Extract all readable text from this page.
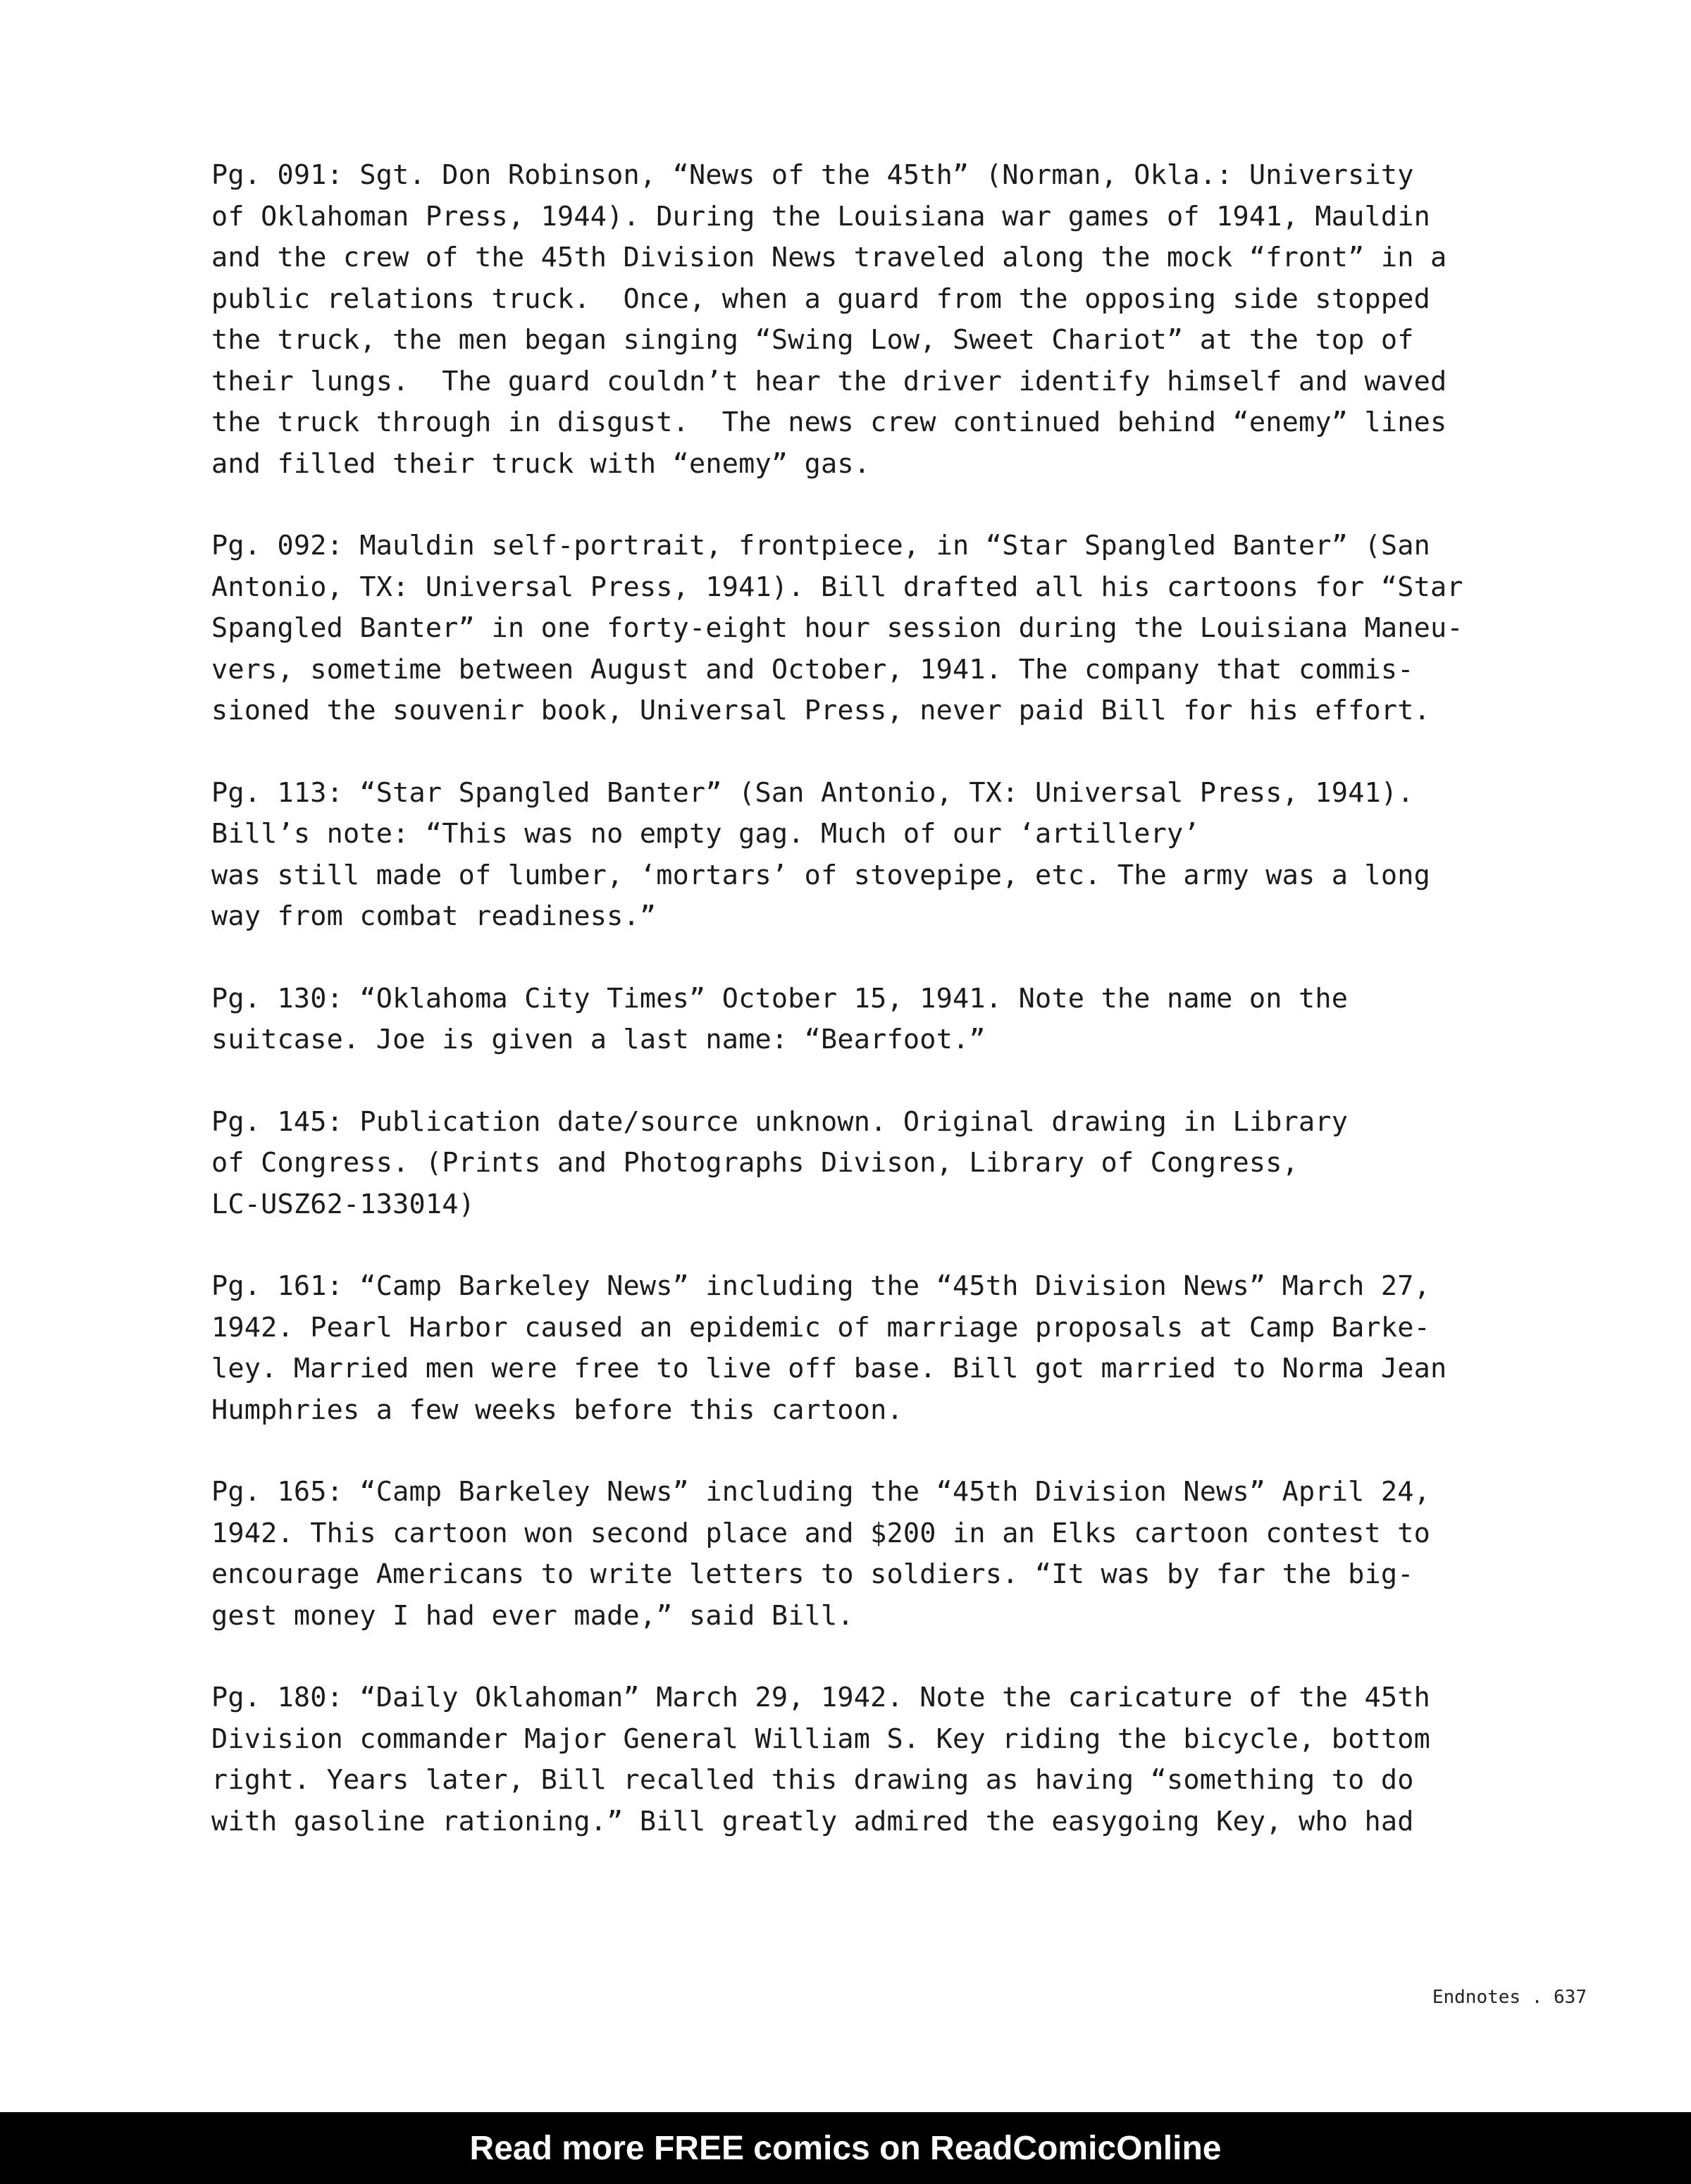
Pg. 091: Sgt. Don Robinson, “News of the 45th” (Norman, Okla.: University
of Oklahoman Press, 1944). During the Louisiana war games of 1941, Mauldin
and the crew of the 45th Division News traveled along the mock “front” in a
public relations truck.  Once, when a guard from the opposing side stopped
the truck, the men began singing “Swing Low, Sweet Chariot” at the top of
their lungs.  The guard couldn’t hear the driver identify himself and waved
the truck through in disgust.  The news crew continued behind “enemy” lines
and filled their truck with “enemy” gas.
Pg. 092: Mauldin self-portrait, frontpiece, in “Star Spangled Banter” (San
Antonio, TX: Universal Press, 1941). Bill drafted all his cartoons for “Star
Spangled Banter” in one forty-eight hour session during the Louisiana Maneu-
vers, sometime between August and October, 1941. The company that commis-
sioned the souvenir book, Universal Press, never paid Bill for his effort.
Pg. 113: “Star Spangled Banter” (San Antonio, TX: Universal Press, 1941).
Bill’s note: “This was no empty gag. Much of our ‘artillery’
was still made of lumber, ‘mortars’ of stovepipe, etc. The army was a long
way from combat readiness.”
Pg. 130: “Oklahoma City Times” October 15, 1941. Note the name on the
suitcase. Joe is given a last name: “Bearfoot.”
Pg. 145: Publication date/source unknown. Original drawing in Library
of Congress. (Prints and Photographs Divison, Library of Congress,
LC-USZ62-133014)
Pg. 161: “Camp Barkeley News” including the “45th Division News” March 27,
1942. Pearl Harbor caused an epidemic of marriage proposals at Camp Barke-
ley. Married men were free to live off base. Bill got married to Norma Jean
Humphries a few weeks before this cartoon.
Pg. 165: “Camp Barkeley News” including the “45th Division News” April 24,
1942. This cartoon won second place and $200 in an Elks cartoon contest to
encourage Americans to write letters to soldiers. “It was by far the big-
gest money I had ever made,” said Bill.
Pg. 180: “Daily Oklahoman” March 29, 1942. Note the caricature of the 45th
Division commander Major General William S. Key riding the bicycle, bottom
right. Years later, Bill recalled this drawing as having “something to do
with gasoline rationing.” Bill greatly admired the easygoing Key, who had
Endnotes . 637
Read more FREE comics on ReadComicOnline
